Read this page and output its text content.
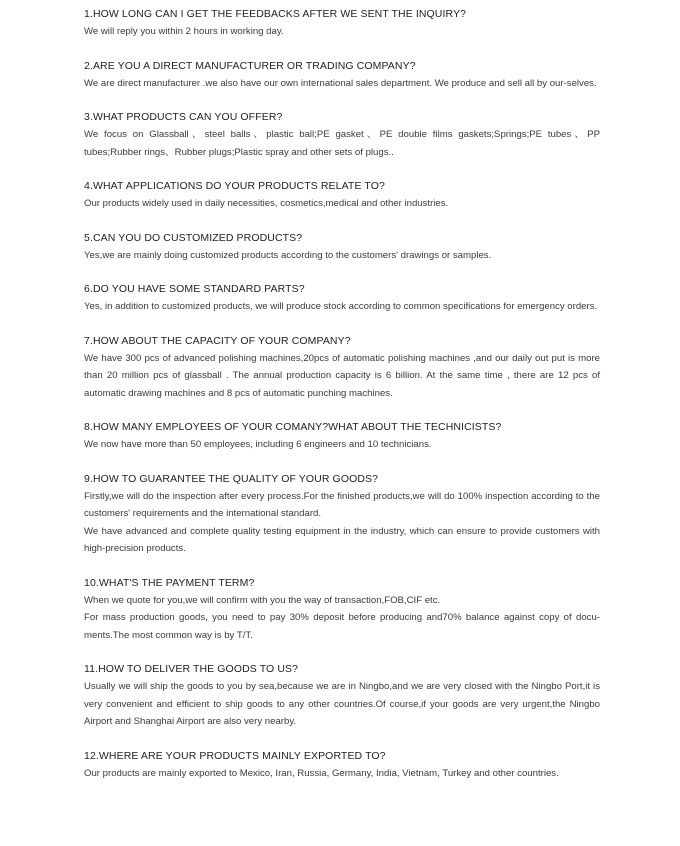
1.HOW LONG CAN I GET THE FEEDBACKS AFTER WE SENT THE INQUIRY?

We will reply you within 2 hours in working day.

2.ARE YOU A DIRECT MANUFACTURER OR TRADING COMPANY?

We are direct manufacturer .we also have our own international sales department. We produce and sell all by our-selves.

3.WHAT PRODUCTS CAN YOU OFFER?

We focus on Glassball、steel balls、plastic ball;PE gasket、PE double films gaskets;Springs;PE tubes、PP tubes;Rubber rings、Rubber plugs;Plastic spray and other sets of plugs..

4.WHAT APPLICATIONS DO YOUR PRODUCTS RELATE TO?

Our products widely used in daily necessities, cosmetics,medical and other industries.

5.CAN YOU DO CUSTOMIZED PRODUCTS?

Yes,we are mainly doing customized products according to the customers' drawings or samples.

6.DO YOU HAVE SOME STANDARD PARTS?

Yes, in addition to customized products, we will produce stock according to common specifications for emergency orders.

7.HOW ABOUT THE CAPACITY OF YOUR COMPANY?

We have 300 pcs of advanced polishing machines,20pcs of automatic polishing machines ,and our daily out put is more than 20 million pcs of glassball . The annual production capacity is 6 billion. At the same time , there are 12 pcs of automatic drawing machines and 8 pcs of automatic punching machines.

8.HOW MANY EMPLOYEES OF YOUR COMANY?WHAT ABOUT THE TECHNICISTS?

We now have more than 50 employees, including 6 engineers and 10 technicians.

9.HOW TO GUARANTEE THE QUALITY OF YOUR GOODS?

Firstly,we will do the inspection after every process.For the finished products,we will do 100% inspection according to the customers' requirements and the international standard.

We have advanced and complete quality testing equipment in the industry, which can ensure to provide customers with high-precision products.

10.WHAT'S THE PAYMENT TERM?

When we quote for you,we will confirm with you the way of transaction,FOB,CIF etc.

For mass production goods, you need to pay 30% deposit before producing and70% balance against copy of docu-ments.The most common way is by T/T.

11.HOW TO DELIVER THE GOODS TO US?

Usually we will ship the goods to you by sea,because we are in Ningbo,and we are very closed with the Ningbo Port,it is very convenient and efficient to ship goods to any other countries.Of course,if your goods are very urgent,the Ningbo Airport and Shanghai Airport are also very nearby.

12.WHERE ARE YOUR PRODUCTS MAINLY EXPORTED TO?

Our products are mainly exported to Mexico, Iran, Russia, Germany, India, Vietnam, Turkey and other countries.
